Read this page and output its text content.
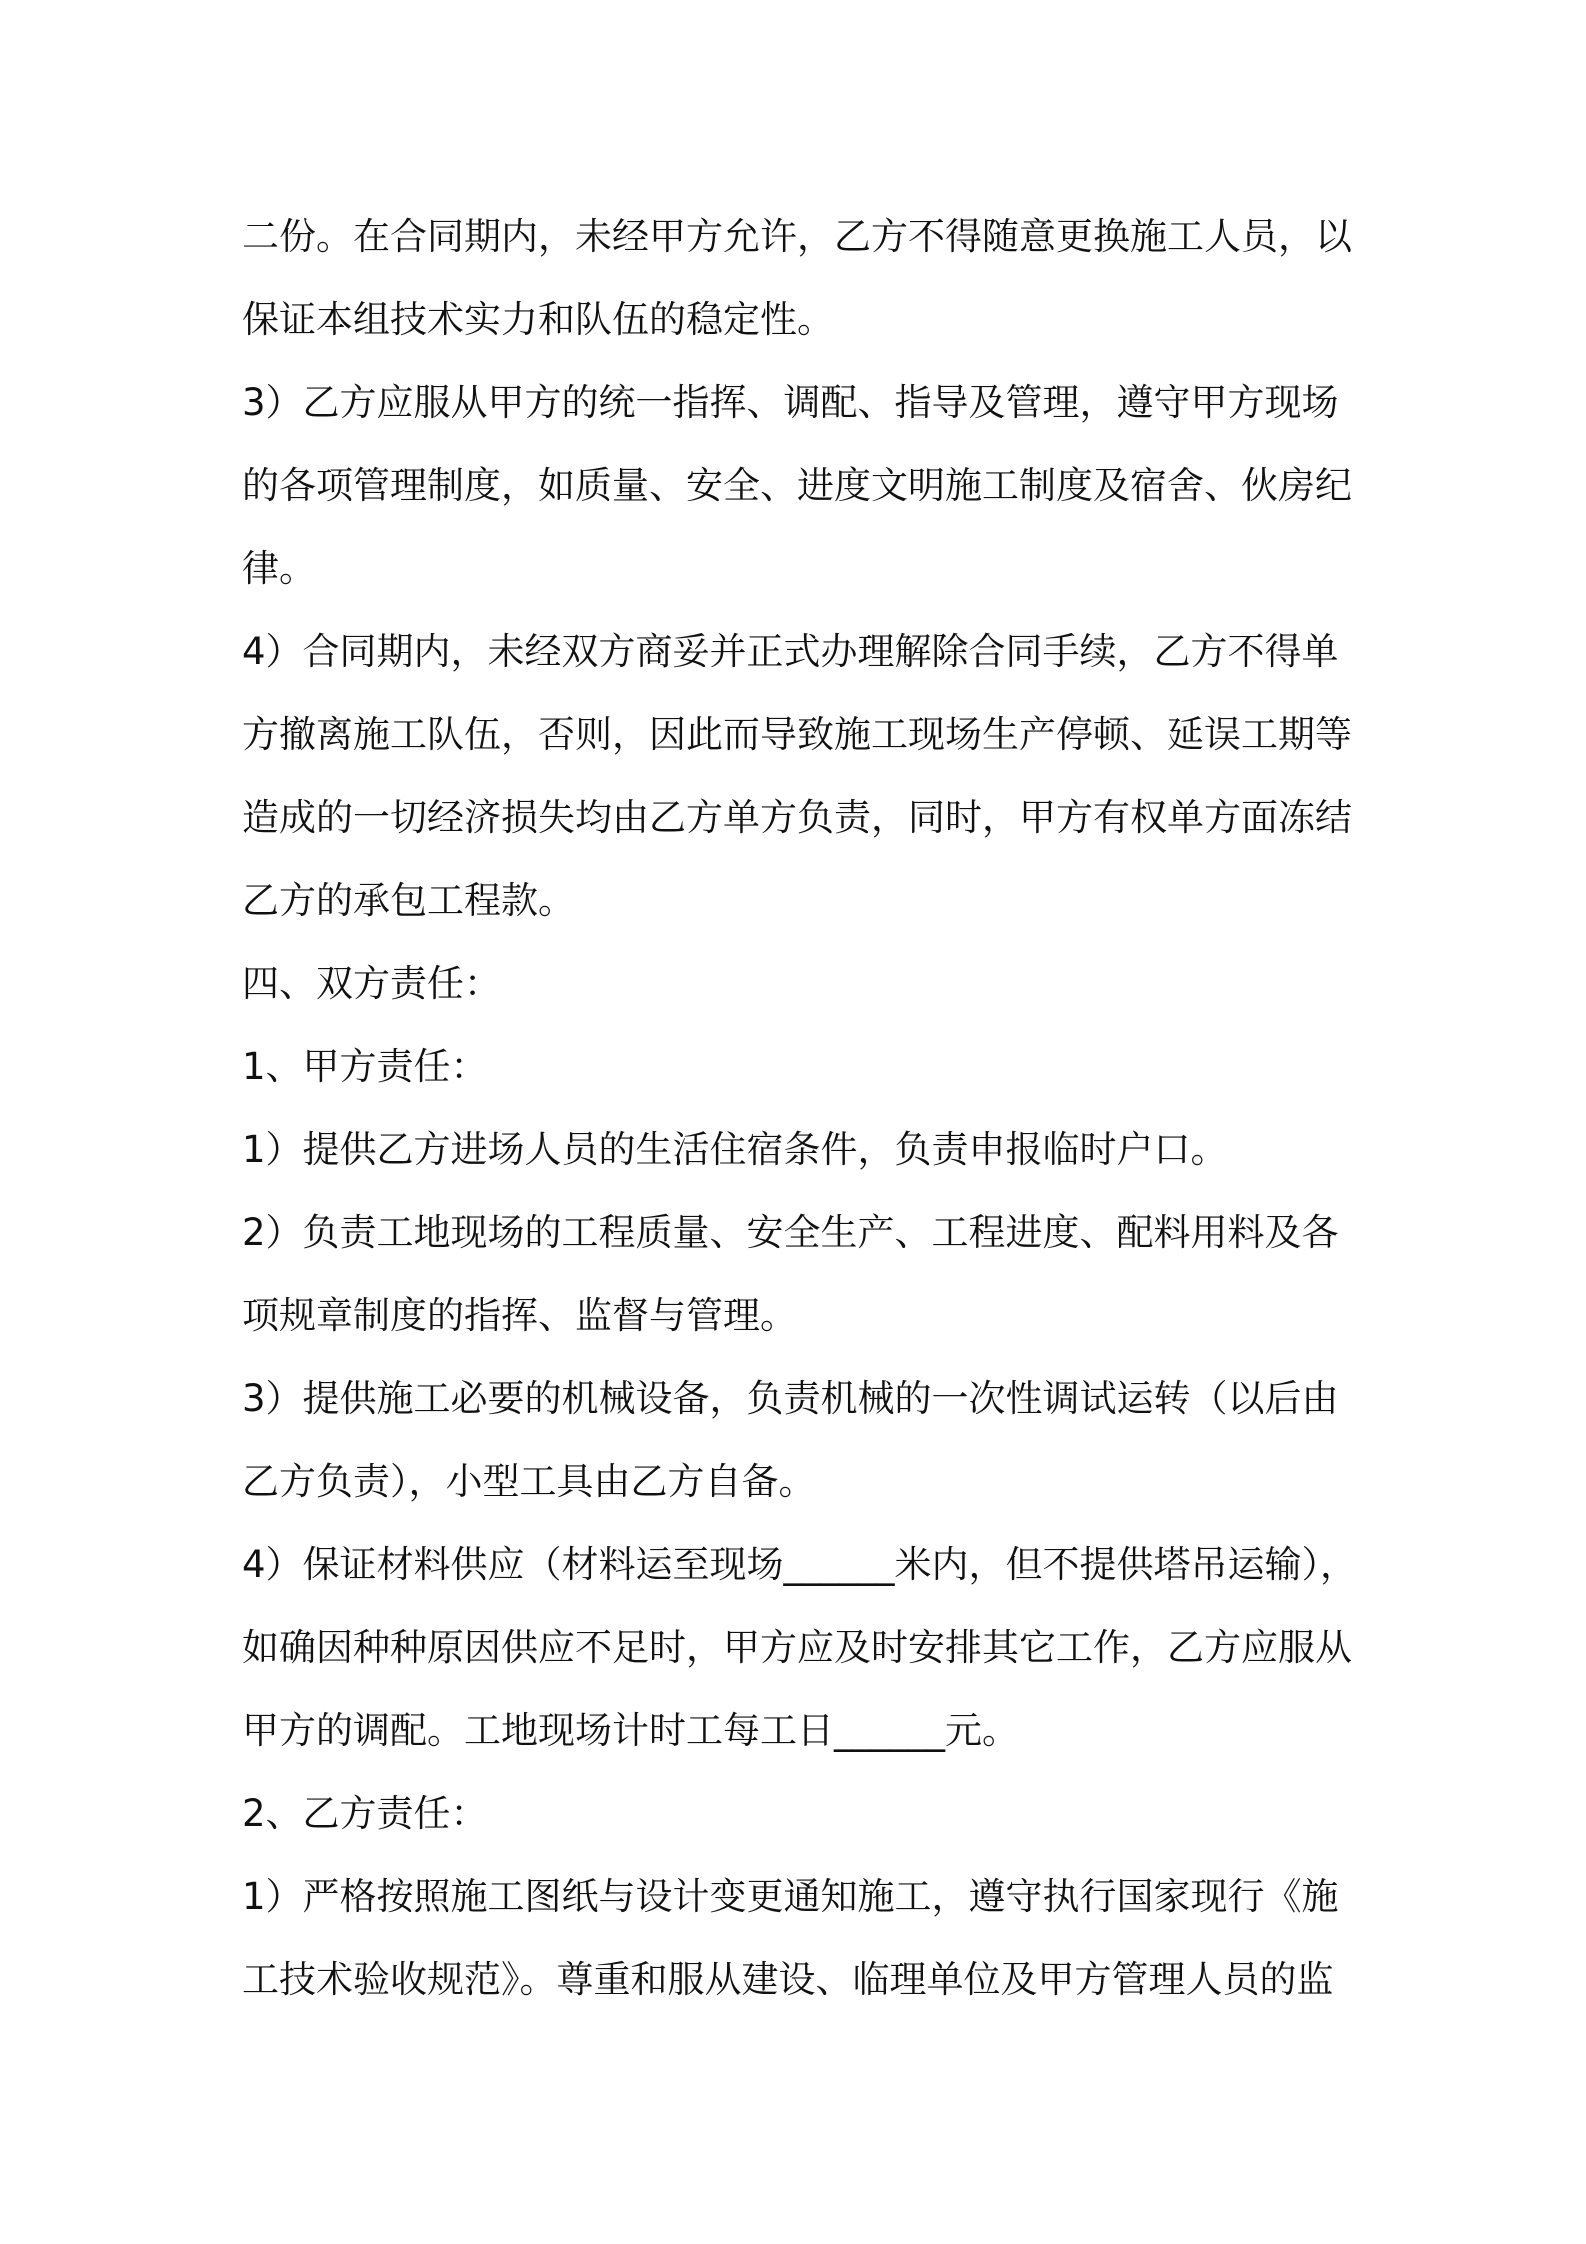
二份。在合同期内，未经甲方允许，乙方不得随意更换施工人员，以
保证本组技术实力和队伍的稳定性。
3）乙方应服从甲方的统一指挥、调配、指导及管理，遵守甲方现场
的各项管理制度，如质量、安全、进度文明施工制度及宿舍、伙房纪
律。
4）合同期内，未经双方商妥并正式办理解除合同手续，乙方不得单
方撤离施工队伍，否则，因此而导致施工现场生产停顿、延误工期等
造成的一切经济损失均由乙方单方负责，同时，甲方有权单方面冻结
乙方的承包工程款。
四、双方责任：
1、甲方责任：
1）提供乙方进场人员的生活住宿条件，负责申报临时户口。
2）负责工地现场的工程质量、安全生产、工程进度、配料用料及各
项规章制度的指挥、监督与管理。
3）提供施工必要的机械设备，负责机械的一次性调试运转（以后由
乙方负责），小型工具由乙方自备。
4）保证材料供应（材料运至现场______米内，但不提供塔吊运输），
如确因种种原因供应不足时，甲方应及时安排其它工作，乙方应服从
甲方的调配。工地现场计时工每工日______元。
2、乙方责任：
1）严格按照施工图纸与设计变更通知施工，遵守执行国家现行《施
工技术验收规范》。尊重和服从建设、临理单位及甲方管理人员的监
